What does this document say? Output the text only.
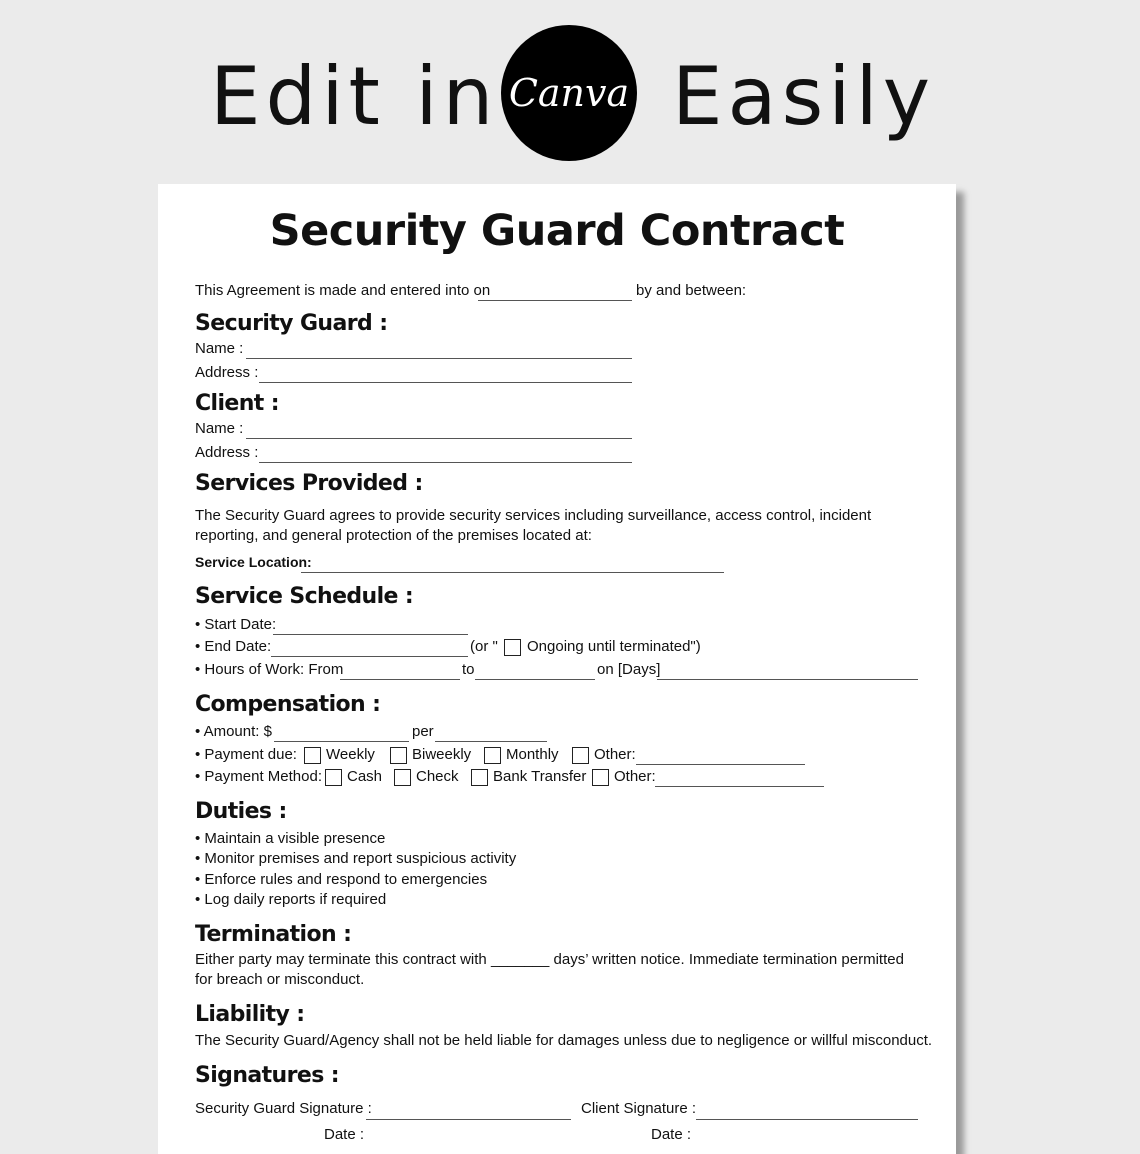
Edit in Canva Easily
Security Guard Contract
This Agreement is made and entered into on	by and between:
Security Guard :
Name :
Address :
Client :
Name :
Address :
Services Provided :
The Security Guard agrees to provide security services including surveillance, access control, incident reporting, and general protection of the premises located at:
Service Location:
Service Schedule :
• Start Date:
• End Date:	(or " Ongoing until terminated")
• Hours of Work: From	to	on [Days]
Compensation :
• Amount: $	per
• Payment due: Weekly Biweekly Monthly Other:
• Payment Method: Cash Check Bank Transfer Other:
Duties :
• Maintain a visible presence
• Monitor premises and report suspicious activity
• Enforce rules and respond to emergencies
• Log daily reports if required
Termination :
Either party may terminate this contract with _______ days’ written notice. Immediate termination permitted for breach or misconduct.
Liability :
The Security Guard/Agency shall not be held liable for damages unless due to negligence or willful misconduct.
Signatures :
Security Guard Signature :	Client Signature :
Date :	Date :
